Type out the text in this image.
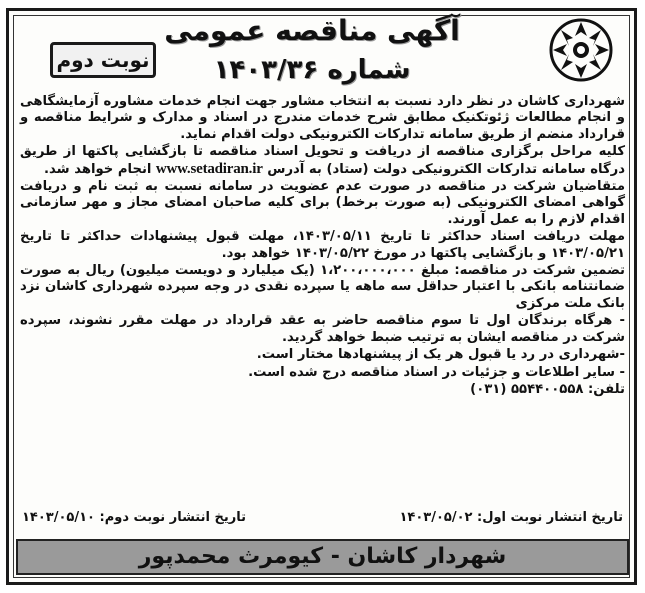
آگهی مناقصه عمومی
شماره ۱۴۰۳/۳۶
نوبت دوم

شهرداری کاشان در نظر دارد نسبت به انتخاب مشاور جهت انجام خدمات مشاوره آزمایشگاهی و انجام مطالعات ژئوتکنیک مطابق شرح خدمات مندرج در اسناد و مدارک و شرایط مناقصه و قرارداد منضم از طریق سامانه تدارکات الکترونیکی دولت اقدام نماید.

کلیه مراحل برگزاری مناقصه از دریافت و تحویل اسناد مناقصه تا بازگشایی پاکتها از طریق درگاه سامانه تدارکات الکترونیکی دولت (ستاد) به آدرس www.setadiran.ir انجام خواهد شد.

متقاضیان شرکت در مناقصه در صورت عدم عضویت در سامانه نسبت به ثبت نام و دریافت گواهی امضای الکترونیکی (به صورت برخط) برای کلیه صاحبان امضای مجاز و مهر سازمانی اقدام لازم را به عمل آورند.

مهلت دریافت اسناد حداکثر تا تاریخ ۱۴۰۳/۰۵/۱۱، مهلت قبول پیشنهادات حداکثر تا تاریخ ۱۴۰۳/۰۵/۲۱ و بازگشایی پاکتها در مورخ ۱۴۰۳/۰۵/۲۲ خواهد بود.

تضمین شرکت در مناقصه: مبلغ ۱،۲۰۰،۰۰۰،۰۰۰ (یک میلیارد و دویست میلیون) ریال به صورت ضمانتنامه بانکی با اعتبار حداقل سه ماهه یا سپرده نقدی در وجه سپرده شهرداری کاشان نزد بانک ملت مرکزی

- هرگاه برندگان اول تا سوم مناقصه حاضر به عقد قرارداد در مهلت مقرر نشوند، سپرده شرکت در مناقصه ایشان به ترتیب ضبط خواهد گردید.

-شهرداری در رد یا قبول هر یک از پیشنهادها مختار است.

- سایر اطلاعات و جزئیات در اسناد مناقصه درج شده است.

تلفن: ۵۵۴۴۰۰۵۵۸ (۰۳۱)

تاریخ انتشار نوبت اول: ۱۴۰۳/۰۵/۰۲
تاریخ انتشار نوبت دوم: ۱۴۰۳/۰۵/۱۰
شهردار کاشان - کیومرث محمدپور
